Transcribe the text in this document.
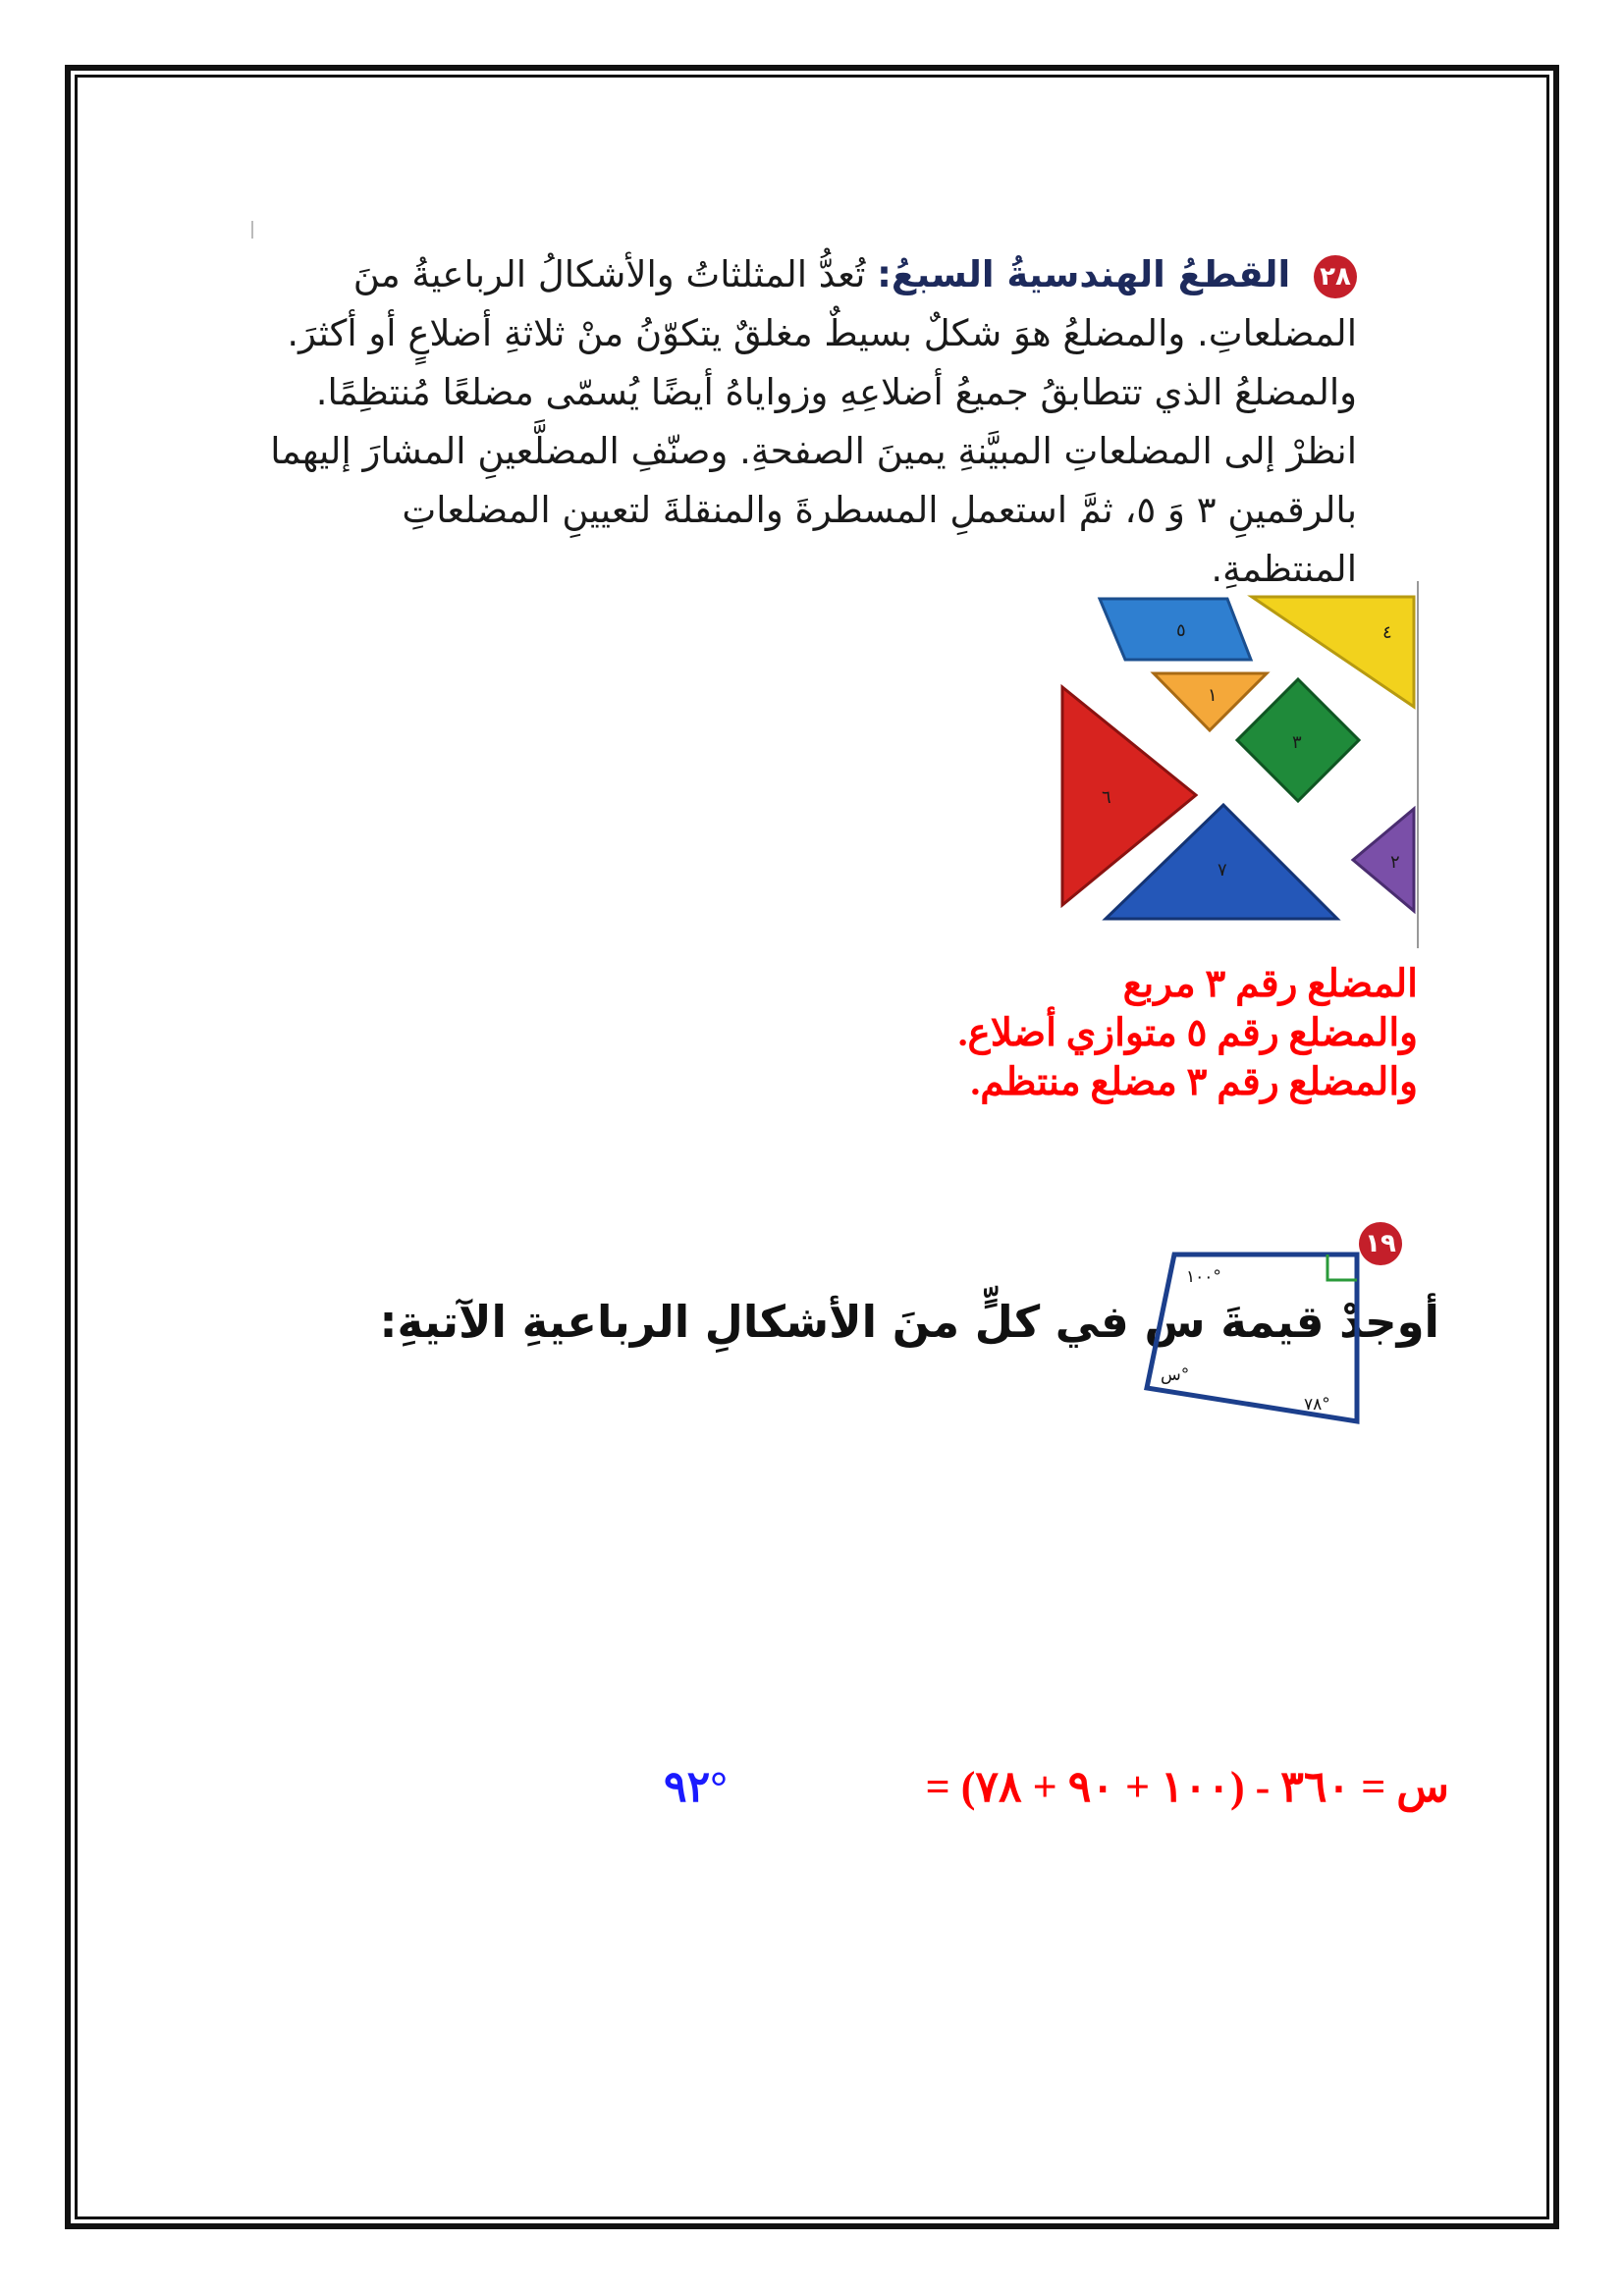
٢٨ القطعُ الهندسيةُ السبعُ: تُعدُّ المثلثاتُ والأشكالُ الرباعيةُ منَ المضلعاتِ. والمضلعُ هوَ شكلٌ بسيطٌ مغلقٌ يتكوّنُ منْ ثلاثةِ أضلاعٍ أو أكثرَ. والمضلعُ الذي تتطابقُ جميعُ أضلاعِهِ وزواياهُ أيضًا يُسمّى مضلعًا مُنتظِمًا. انظرْ إلى المضلعاتِ المبيَّنةِ يمينَ الصفحةِ. وصنّفِ المضلَّعينِ المشارَ إليهما بالرقمينِ ٣ وَ ٥، ثمَّ استعملِ المسطرةَ والمنقلةَ لتعيينِ المضلعاتِ المنتظمةِ.
٥	٤
١
٣
٦
٧	٢
المضلع رقم ٣ مربع
والمضلع رقم ٥ متوازي أضلاع.
والمضلع رقم ٣ مضلع منتظم.
أوجدْ قيمةَ س في كلٍّ منَ الأشكالِ الرباعيةِ الآتيةِ:
١٩
١٠٠°
س°
٧٨°
س = ٣٦٠ - (١٠٠ + ٩٠ + ٧٨) =
٩٢°
